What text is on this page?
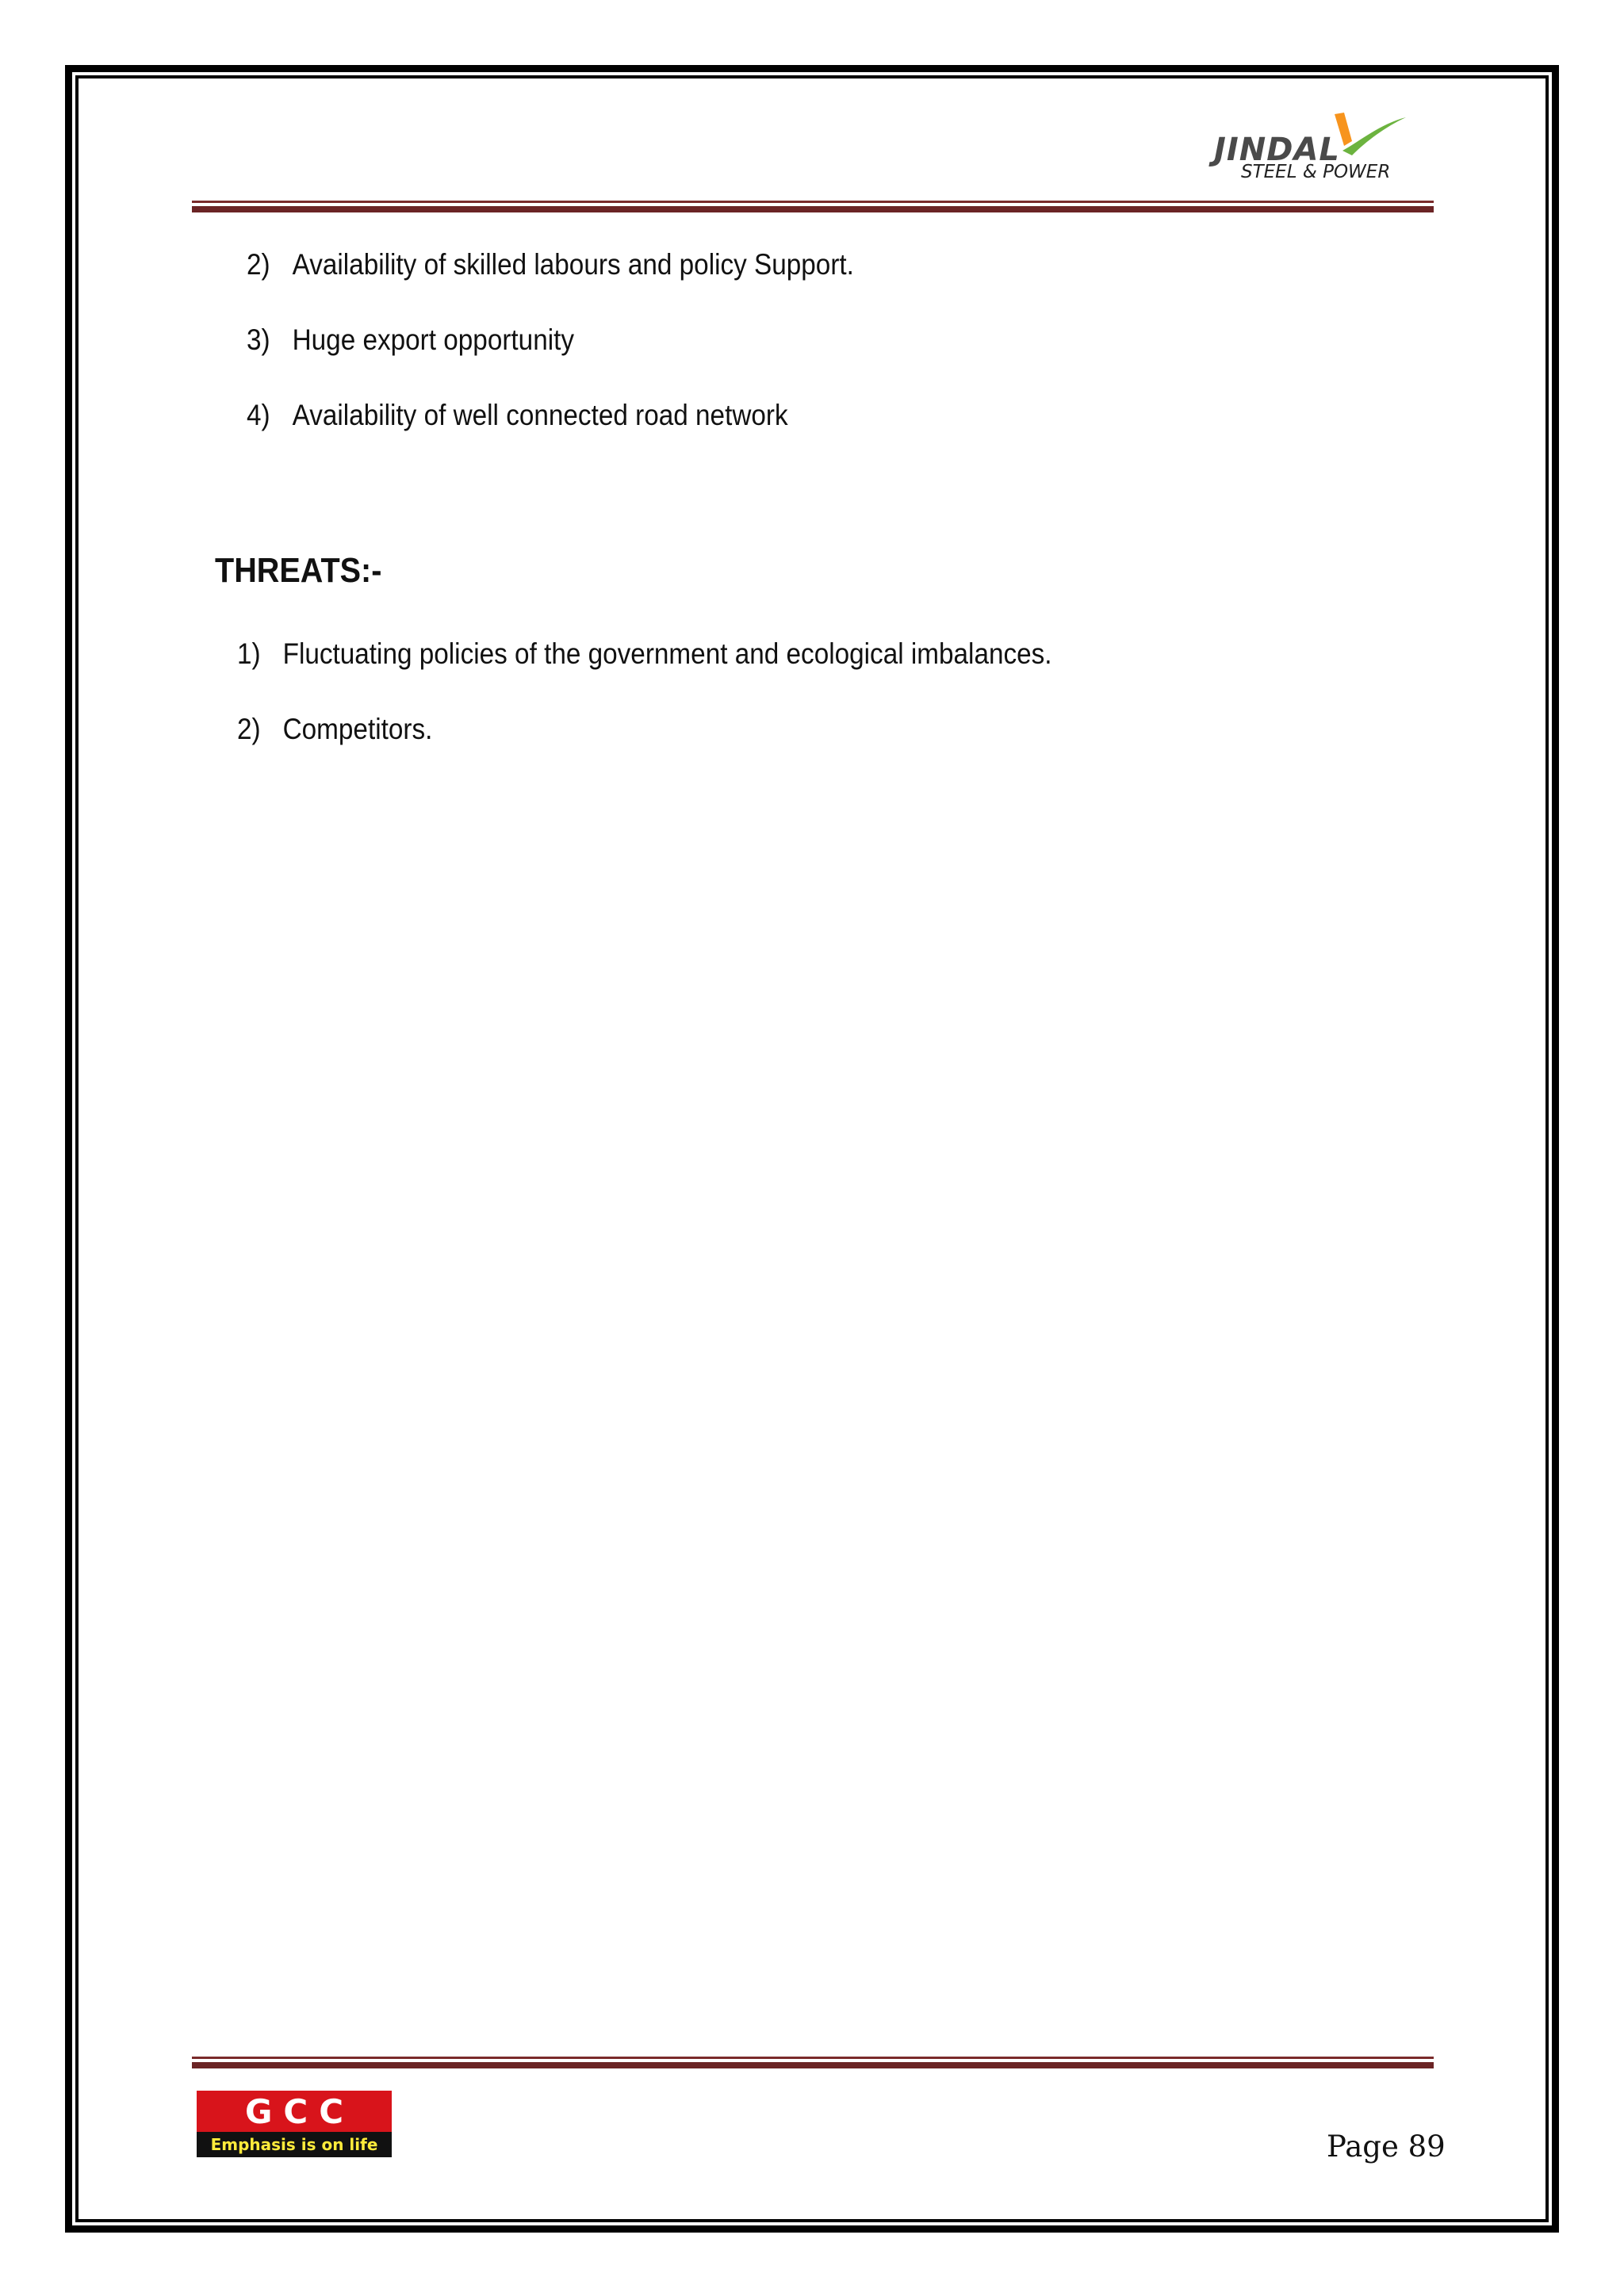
JINDAL
STEEL & POWER
2) Availability of skilled labours and policy Support.
3) Huge export opportunity
4) Availability of well connected road network
THREATS:-
1) Fluctuating policies of the government and ecological imbalances.
2) Competitors.
GCC
Emphasis is on life	Page 89
